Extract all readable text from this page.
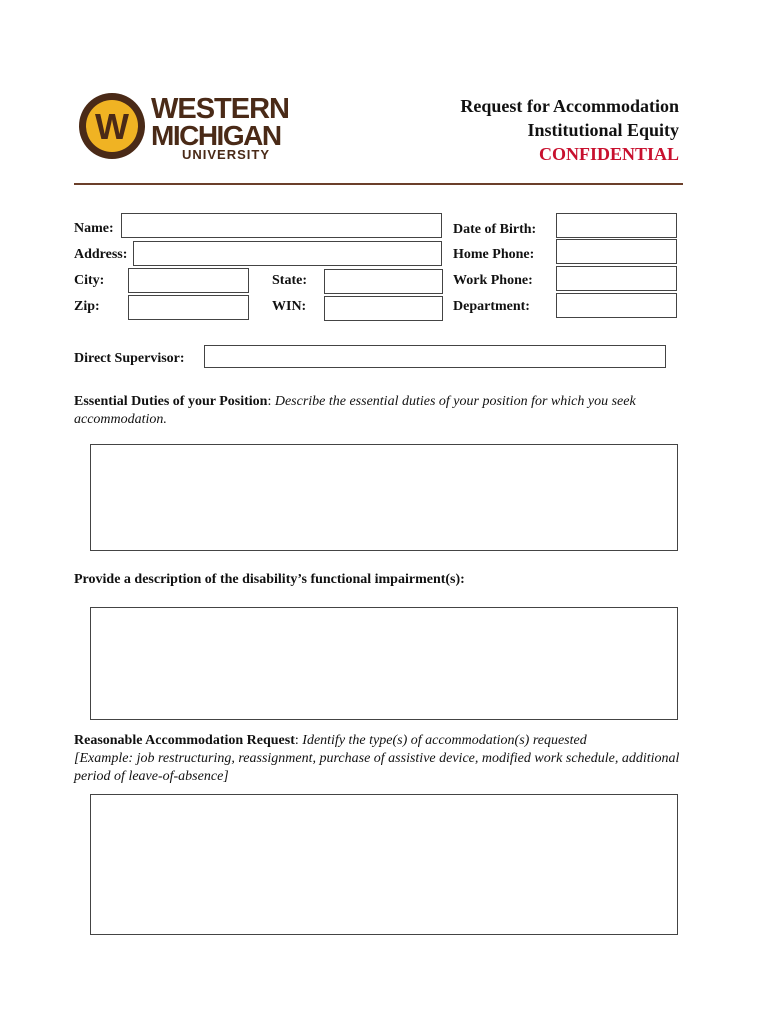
W WESTERN
MICHIGAN
UNIVERSITY
Request for Accommodation
Institutional Equity
CONFIDENTIAL
Name:
Address:
City:	State:
Zip:	WIN:
Date of Birth:
Home Phone:
Work Phone:
Department:
Direct Supervisor:
Essential Duties of your Position: Describe the essential duties of your position for which you seek accommodation.
Provide a description of the disability’s functional impairment(s):
Reasonable Accommodation Request: Identify the type(s) of accommodation(s) requested
[Example: job restructuring, reassignment, purchase of assistive device, modified work schedule, additional period of leave-of-absence]
